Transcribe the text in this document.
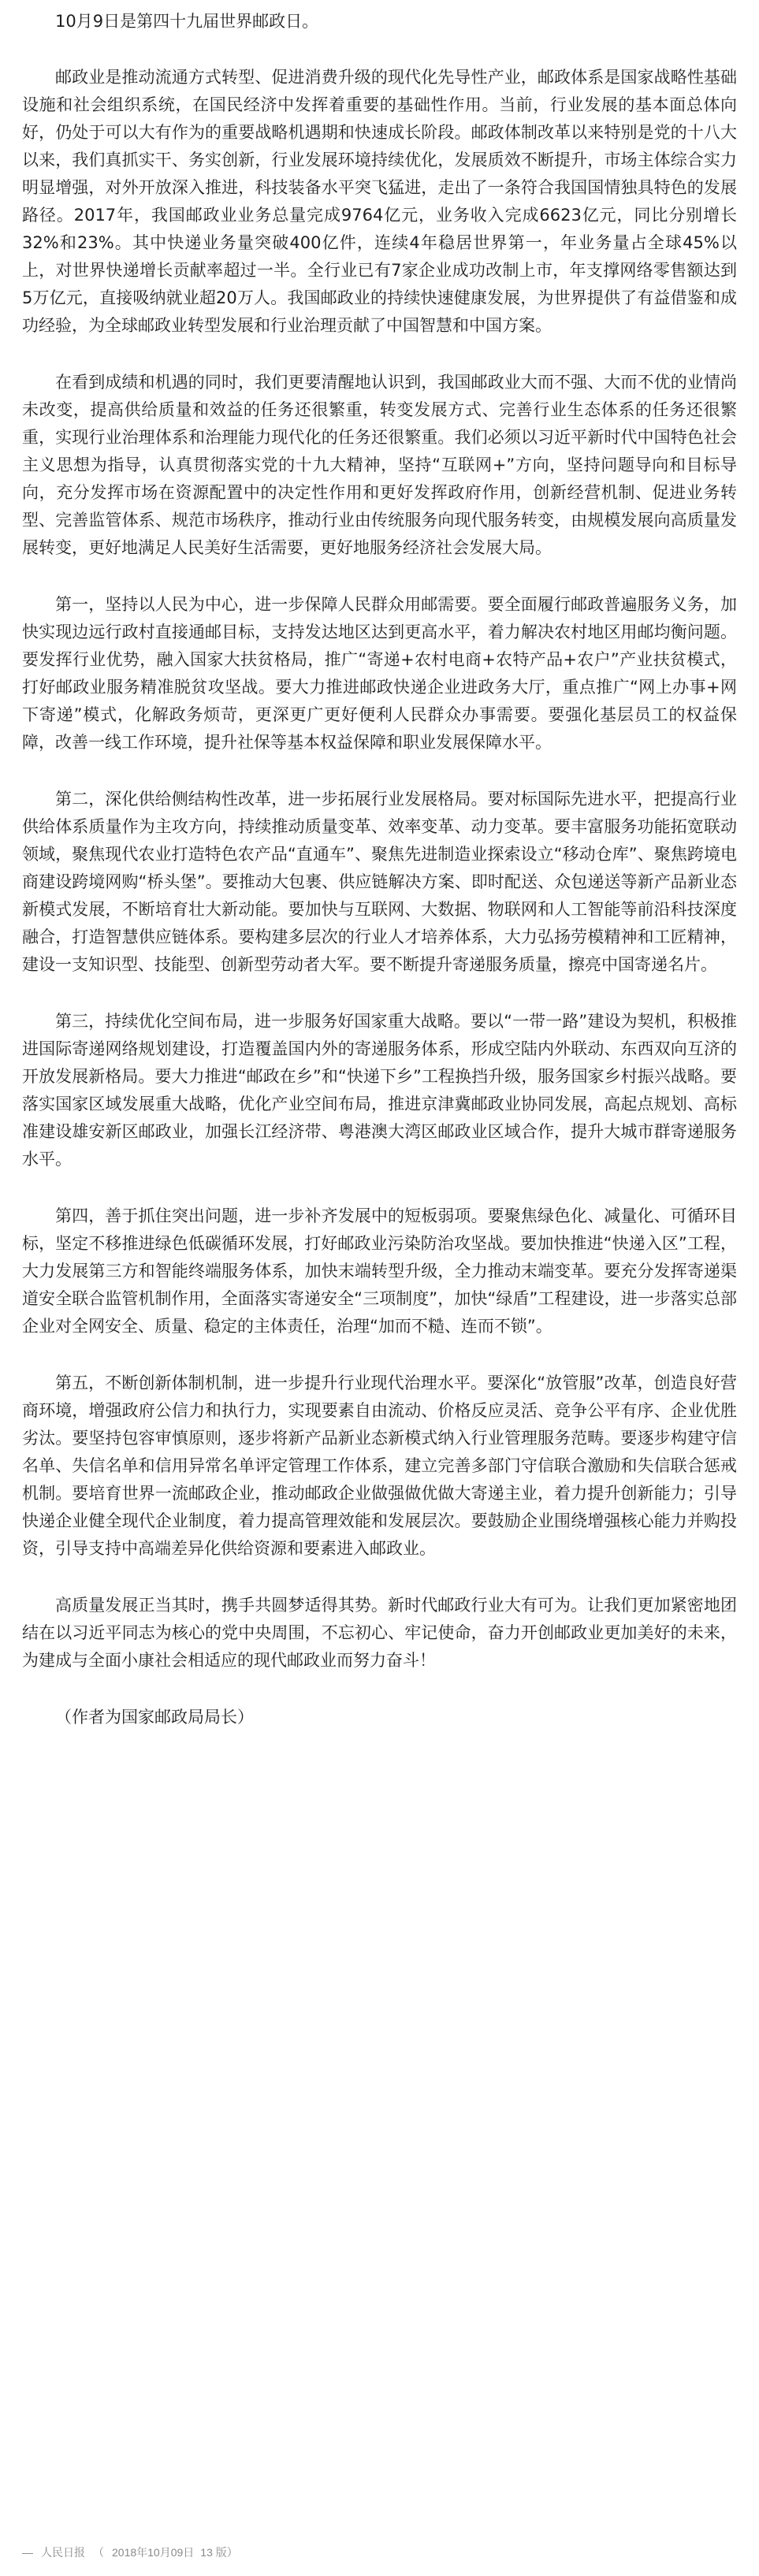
10月9日是第四十九届世界邮政日。

邮政业是推动流通方式转型、促进消费升级的现代化先导性产业，邮政体系是国家战略性基础设施和社会组织系统，在国民经济中发挥着重要的基础性作用。当前，行业发展的基本面总体向好，仍处于可以大有作为的重要战略机遇期和快速成长阶段。邮政体制改革以来特别是党的十八大以来，我们真抓实干、务实创新，行业发展环境持续优化，发展质效不断提升，市场主体综合实力明显增强，对外开放深入推进，科技装备水平突飞猛进，走出了一条符合我国国情独具特色的发展路径。2017年，我国邮政业业务总量完成9764亿元，业务收入完成6623亿元，同比分别增长32%和23%。其中快递业务量突破400亿件，连续4年稳居世界第一，年业务量占全球45%以上，对世界快递增长贡献率超过一半。全行业已有7家企业成功改制上市，年支撑网络零售额达到5万亿元，直接吸纳就业超20万人。我国邮政业的持续快速健康发展，为世界提供了有益借鉴和成功经验，为全球邮政业转型发展和行业治理贡献了中国智慧和中国方案。

在看到成绩和机遇的同时，我们更要清醒地认识到，我国邮政业大而不强、大而不优的业情尚未改变，提高供给质量和效益的任务还很繁重，转变发展方式、完善行业生态体系的任务还很繁重，实现行业治理体系和治理能力现代化的任务还很繁重。我们必须以习近平新时代中国特色社会主义思想为指导，认真贯彻落实党的十九大精神，坚持“互联网+”方向，坚持问题导向和目标导向，充分发挥市场在资源配置中的决定性作用和更好发挥政府作用，创新经营机制、促进业务转型、完善监管体系、规范市场秩序，推动行业由传统服务向现代服务转变，由规模发展向高质量发展转变，更好地满足人民美好生活需要，更好地服务经济社会发展大局。

第一，坚持以人民为中心，进一步保障人民群众用邮需要。要全面履行邮政普遍服务义务，加快实现边远行政村直接通邮目标，支持发达地区达到更高水平，着力解决农村地区用邮均衡问题。要发挥行业优势，融入国家大扶贫格局，推广“寄递+农村电商+农特产品+农户”产业扶贫模式，打好邮政业服务精准脱贫攻坚战。要大力推进邮政快递企业进政务大厅，重点推广“网上办事+网下寄递”模式，化解政务烦苛，更深更广更好便利人民群众办事需要。要强化基层员工的权益保障，改善一线工作环境，提升社保等基本权益保障和职业发展保障水平。

第二，深化供给侧结构性改革，进一步拓展行业发展格局。要对标国际先进水平，把提高行业供给体系质量作为主攻方向，持续推动质量变革、效率变革、动力变革。要丰富服务功能拓宽联动领域，聚焦现代农业打造特色农产品“直通车”、聚焦先进制造业探索设立“移动仓库”、聚焦跨境电商建设跨境网购“桥头堡”。要推动大包裹、供应链解决方案、即时配送、众包递送等新产品新业态新模式发展，不断培育壮大新动能。要加快与互联网、大数据、物联网和人工智能等前沿科技深度融合，打造智慧供应链体系。要构建多层次的行业人才培养体系，大力弘扬劳模精神和工匠精神，建设一支知识型、技能型、创新型劳动者大军。要不断提升寄递服务质量，擦亮中国寄递名片。

第三，持续优化空间布局，进一步服务好国家重大战略。要以“一带一路”建设为契机，积极推进国际寄递网络规划建设，打造覆盖国内外的寄递服务体系，形成空陆内外联动、东西双向互济的开放发展新格局。要大力推进“邮政在乡”和“快递下乡”工程换挡升级，服务国家乡村振兴战略。要落实国家区域发展重大战略，优化产业空间布局，推进京津冀邮政业协同发展，高起点规划、高标准建设雄安新区邮政业，加强长江经济带、粤港澳大湾区邮政业区域合作，提升大城市群寄递服务水平。

第四，善于抓住突出问题，进一步补齐发展中的短板弱项。要聚焦绿色化、减量化、可循环目标，坚定不移推进绿色低碳循环发展，打好邮政业污染防治攻坚战。要加快推进“快递入区”工程，大力发展第三方和智能终端服务体系，加快末端转型升级，全力推动末端变革。要充分发挥寄递渠道安全联合监管机制作用，全面落实寄递安全“三项制度”，加快“绿盾”工程建设，进一步落实总部企业对全网安全、质量、稳定的主体责任，治理“加而不糙、连而不锁”。

第五，不断创新体制机制，进一步提升行业现代治理水平。要深化“放管服”改革，创造良好营商环境，增强政府公信力和执行力，实现要素自由流动、价格反应灵活、竞争公平有序、企业优胜劣汰。要坚持包容审慎原则，逐步将新产品新业态新模式纳入行业管理服务范畴。要逐步构建守信名单、失信名单和信用异常名单评定管理工作体系，建立完善多部门守信联合激励和失信联合惩戒机制。要培育世界一流邮政企业，推动邮政企业做强做优做大寄递主业，着力提升创新能力；引导快递企业健全现代企业制度，着力提高管理效能和发展层次。要鼓励企业围绕增强核心能力并购投资，引导支持中高端差异化供给资源和要素进入邮政业。

高质量发展正当其时，携手共圆梦适得其势。新时代邮政行业大有可为。让我们更加紧密地团结在以习近平同志为核心的党中央周围，不忘初心、牢记使命，奋力开创邮政业更加美好的未来，为建成与全面小康社会相适应的现代邮政业而努力奋斗！

（作者为国家邮政局局长）

— 人民日报 （ 2018年10月09日 13 版 ）
